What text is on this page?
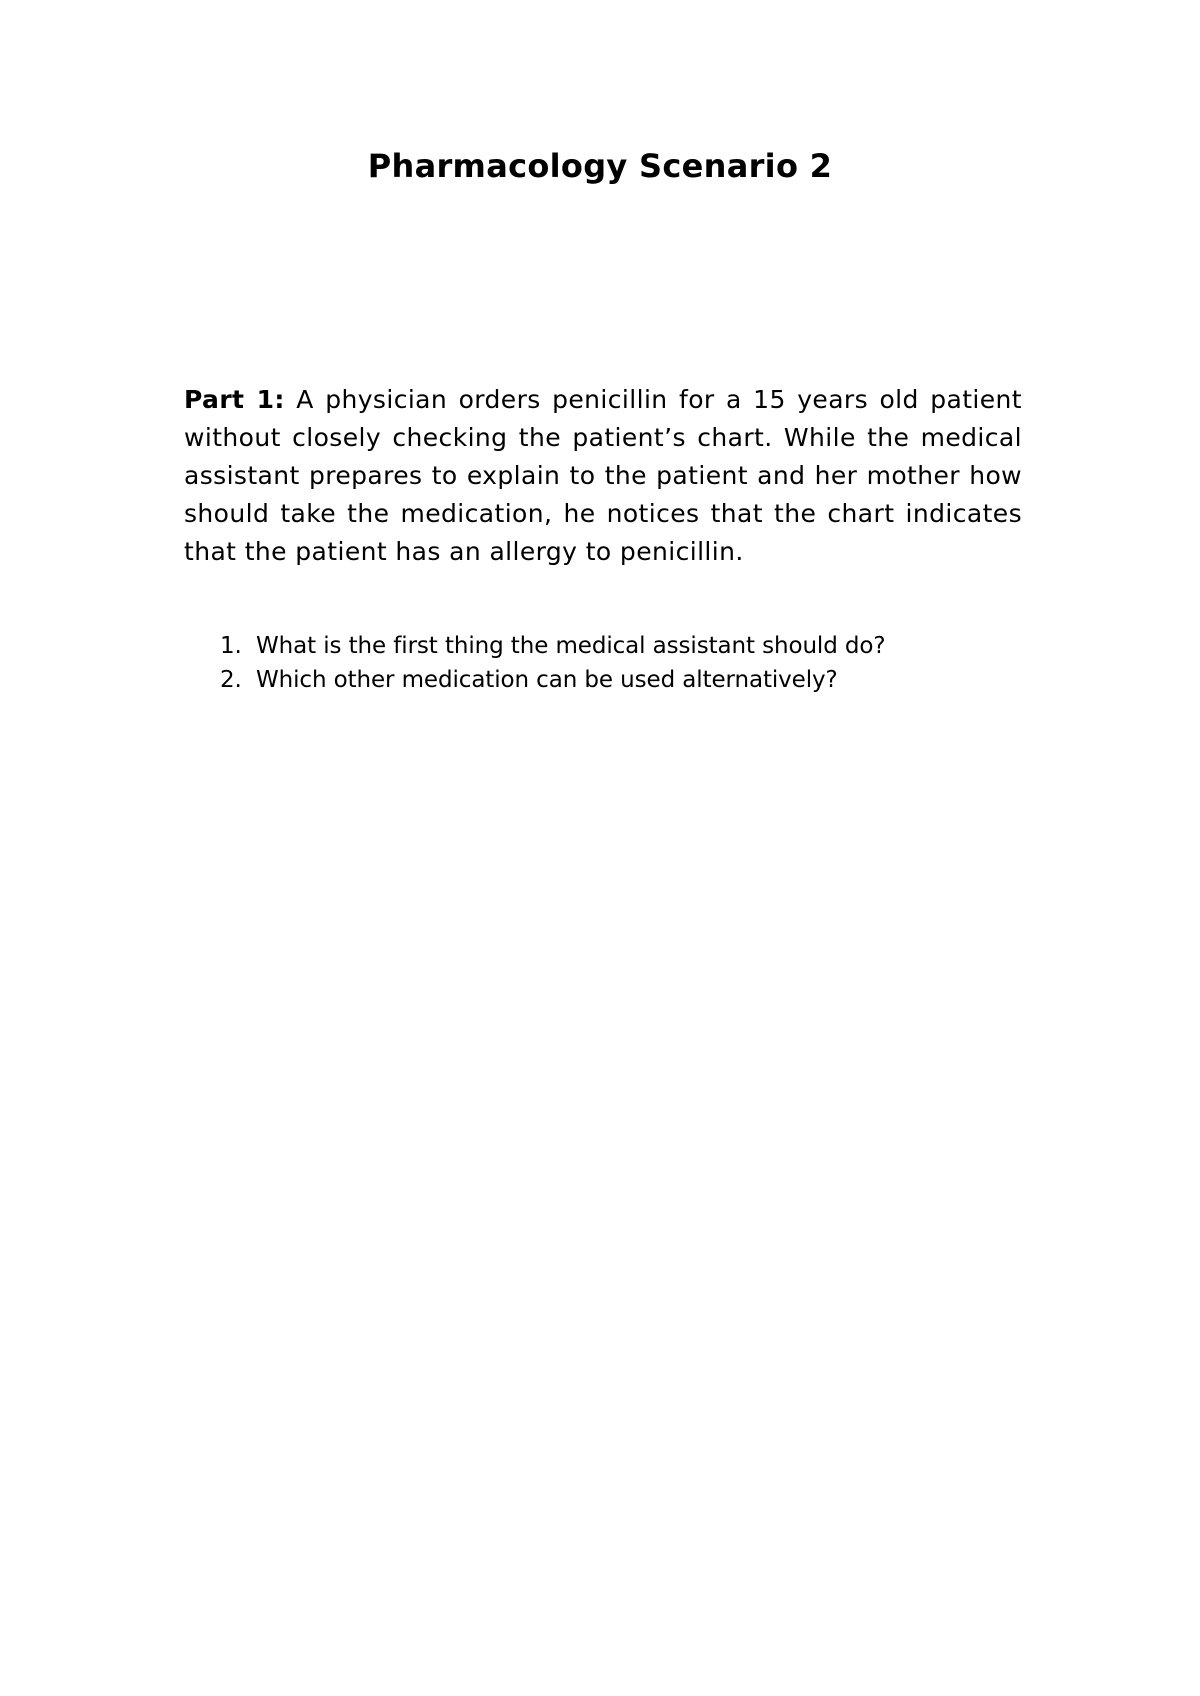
Pharmacology Scenario 2

Part 1: A physician orders penicillin for a 15 years old patient without closely checking the patient’s chart. While the medical assistant prepares to explain to the patient and her mother how should take the medication, he notices that the chart indicates that the patient has an allergy to penicillin.

1. What is the first thing the medical assistant should do?
2. Which other medication can be used alternatively?
